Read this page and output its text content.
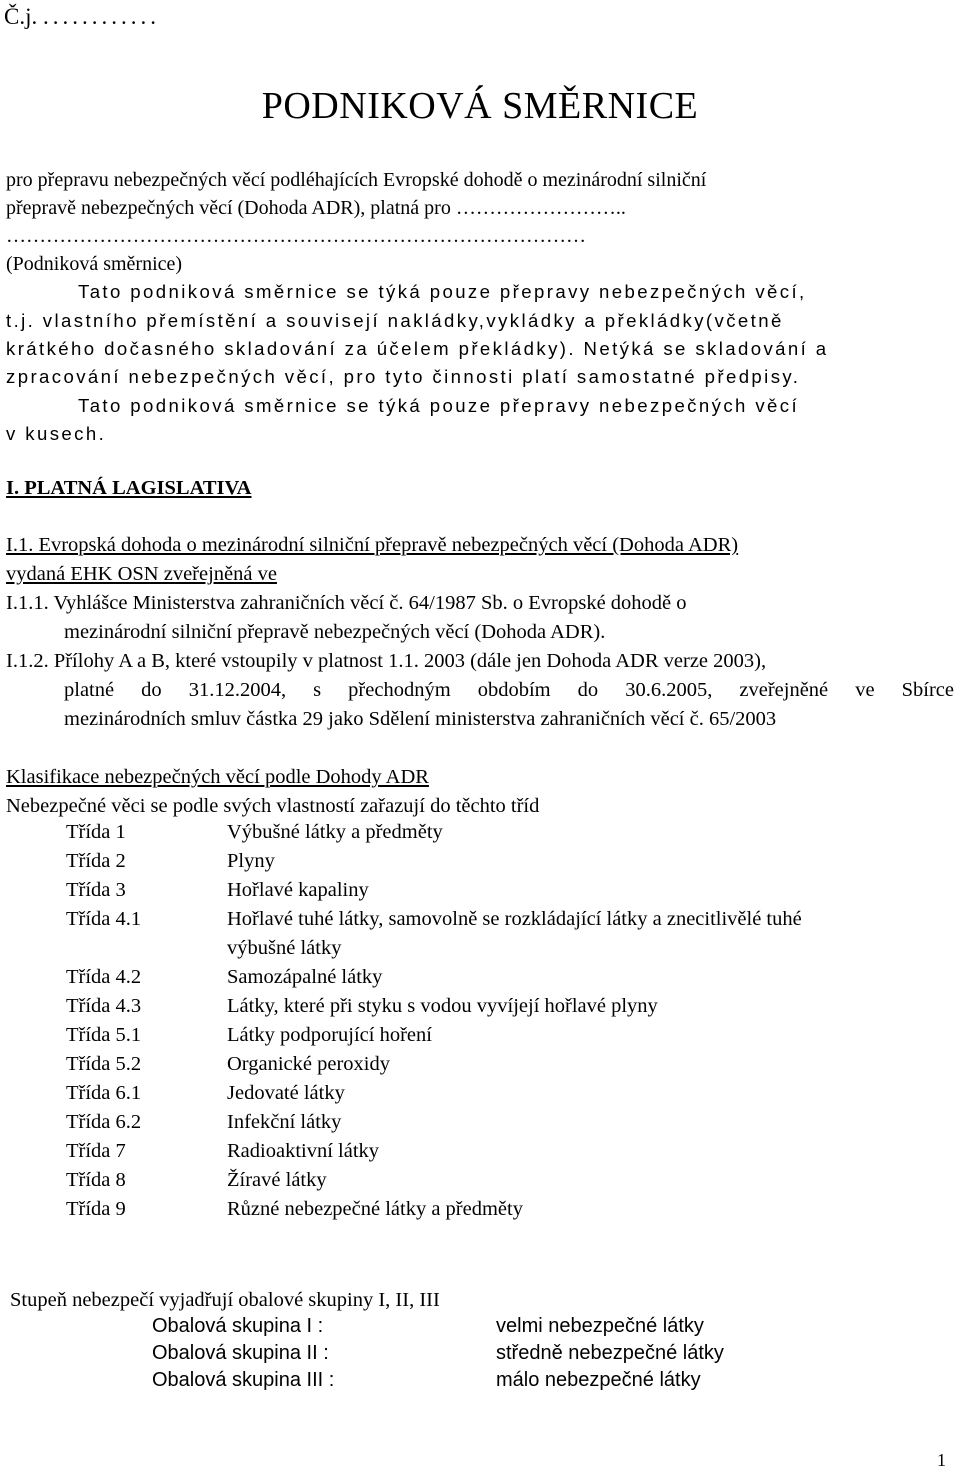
Č.j. ............
PODNIKOVÁ SMĚRNICE
pro přepravu nebezpečných věcí podléhajících Evropské dohodě o mezinárodní silniční
přepravě nebezpečných věcí (Dohoda ADR), platná pro ……………………..
……………………………………………………………………………
(Podniková směrnice)
Tato podniková směrnice se týká pouze přepravy nebezpečných věcí,
t.j. vlastního přemístění a souvisejí nakládky,vykládky a překládky(včetně
krátkého dočasného skladování za účelem překládky). Netýká se skladování a
zpracování nebezpečných věcí, pro tyto činnosti platí samostatné předpisy.
Tato podniková směrnice se týká pouze přepravy nebezpečných věcí
v kusech.
I. PLATNÁ LAGISLATIVA
I.1. Evropská dohoda o mezinárodní silniční přepravě nebezpečných věcí (Dohoda ADR)
vydaná EHK OSN zveřejněná ve
I.1.1. Vyhlášce Ministerstva zahraničních věcí č. 64/1987 Sb. o Evropské dohodě o
mezinárodní silniční přepravě nebezpečných věcí (Dohoda ADR).
I.1.2. Přílohy A a B, které vstoupily v platnost 1.1. 2003 (dále jen Dohoda ADR verze 2003),
platné do 31.12.2004, s přechodným obdobím do 30.6.2005, zveřejněné ve Sbírce
mezinárodních smluv částka 29 jako Sdělení ministerstva zahraničních věcí č. 65/2003
Klasifikace nebezpečných věcí podle Dohody ADR
Nebezpečné věci se podle svých vlastností zařazují do těchto tříd
Třída 1	Výbušné látky a předměty
Třída 2	Plyny
Třída 3	Hořlavé kapaliny
Třída 4.1	Hořlavé tuhé látky, samovolně se rozkládající látky a znecitlivělé tuhé
výbušné látky
Třída 4.2	Samozápalné látky
Třída 4.3	Látky, které při styku s vodou vyvíjejí hořlavé plyny
Třída 5.1	Látky podporující hoření
Třída 5.2	Organické peroxidy
Třída 6.1	Jedovaté látky
Třída 6.2	Infekční látky
Třída 7	Radioaktivní látky
Třída 8	Žíravé látky
Třída 9	Různé nebezpečné látky a předměty
Stupeň nebezpečí vyjadřují obalové skupiny I, II, III
Obalová skupina I :	velmi nebezpečné látky
Obalová skupina II :	středně nebezpečné látky
Obalová skupina III :	málo nebezpečné látky
1
